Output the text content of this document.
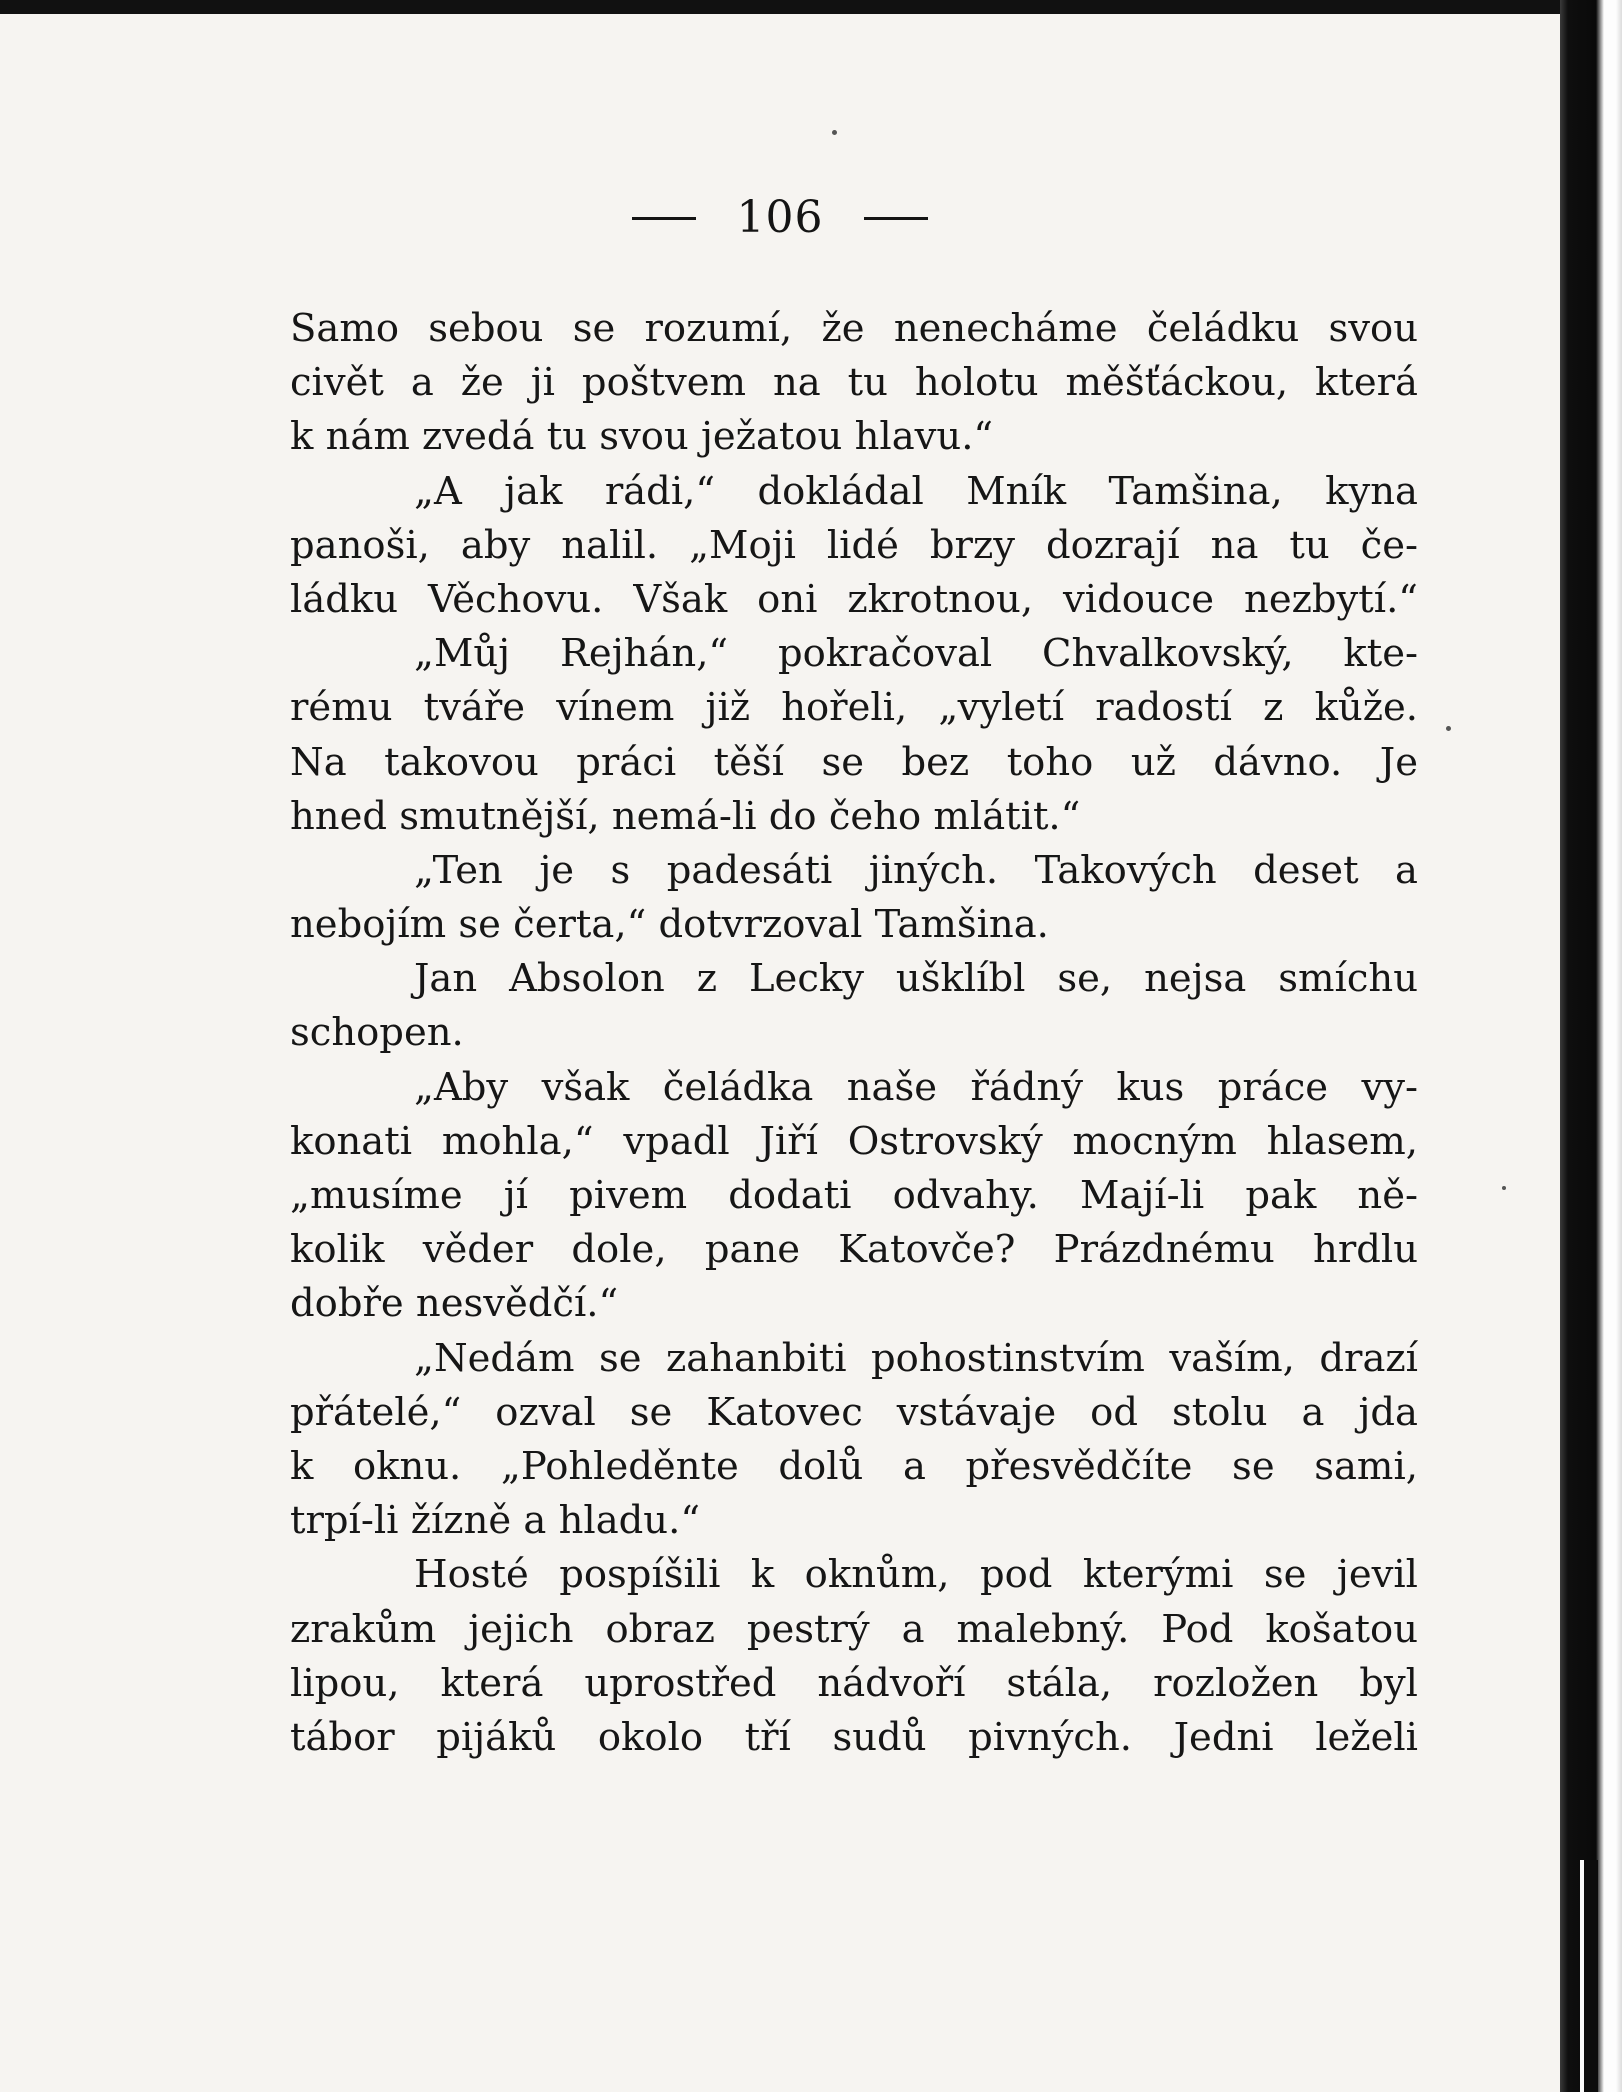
106
Samo sebou se rozumí, že nenecháme čeládku svou
civět a že ji poštvem na tu holotu měšťáckou, která
k nám zvedá tu svou ježatou hlavu.“
„A jak rádi,“ dokládal Mník Tamšina, kyna
panoši, aby nalil. „Moji lidé brzy dozrají na tu če-
ládku Věchovu. Však oni zkrotnou, vidouce nezbytí.“
„Můj Rejhán,“ pokračoval Chvalkovský, kte-
rému tváře vínem již hořeli, „vyletí radostí z kůže.
Na takovou práci těší se bez toho už dávno. Je
hned smutnější, nemá-li do čeho mlátit.“
„Ten je s padesáti jiných. Takových deset a
nebojím se čerta,“ dotvrzoval Tamšina.
Jan Absolon z Lecky ušklíbl se, nejsa smíchu
schopen.
„Aby však čeládka naše řádný kus práce vy-
konati mohla,“ vpadl Jiří Ostrovský mocným hlasem,
„musíme jí pivem dodati odvahy. Mají-li pak ně-
kolik věder dole, pane Katovče? Prázdnému hrdlu
dobře nesvědčí.“
„Nedám se zahanbiti pohostinstvím vaším, drazí
přátelé,“ ozval se Katovec vstávaje od stolu a jda
k oknu. „Pohleděnte dolů a přesvědčíte se sami,
trpí-li žízně a hladu.“
Hosté pospíšili k oknům, pod kterými se jevil
zrakům jejich obraz pestrý a malebný. Pod košatou
lipou, která uprostřed nádvoří stála, rozložen byl
tábor pijáků okolo tří sudů pivných. Jedni leželi
